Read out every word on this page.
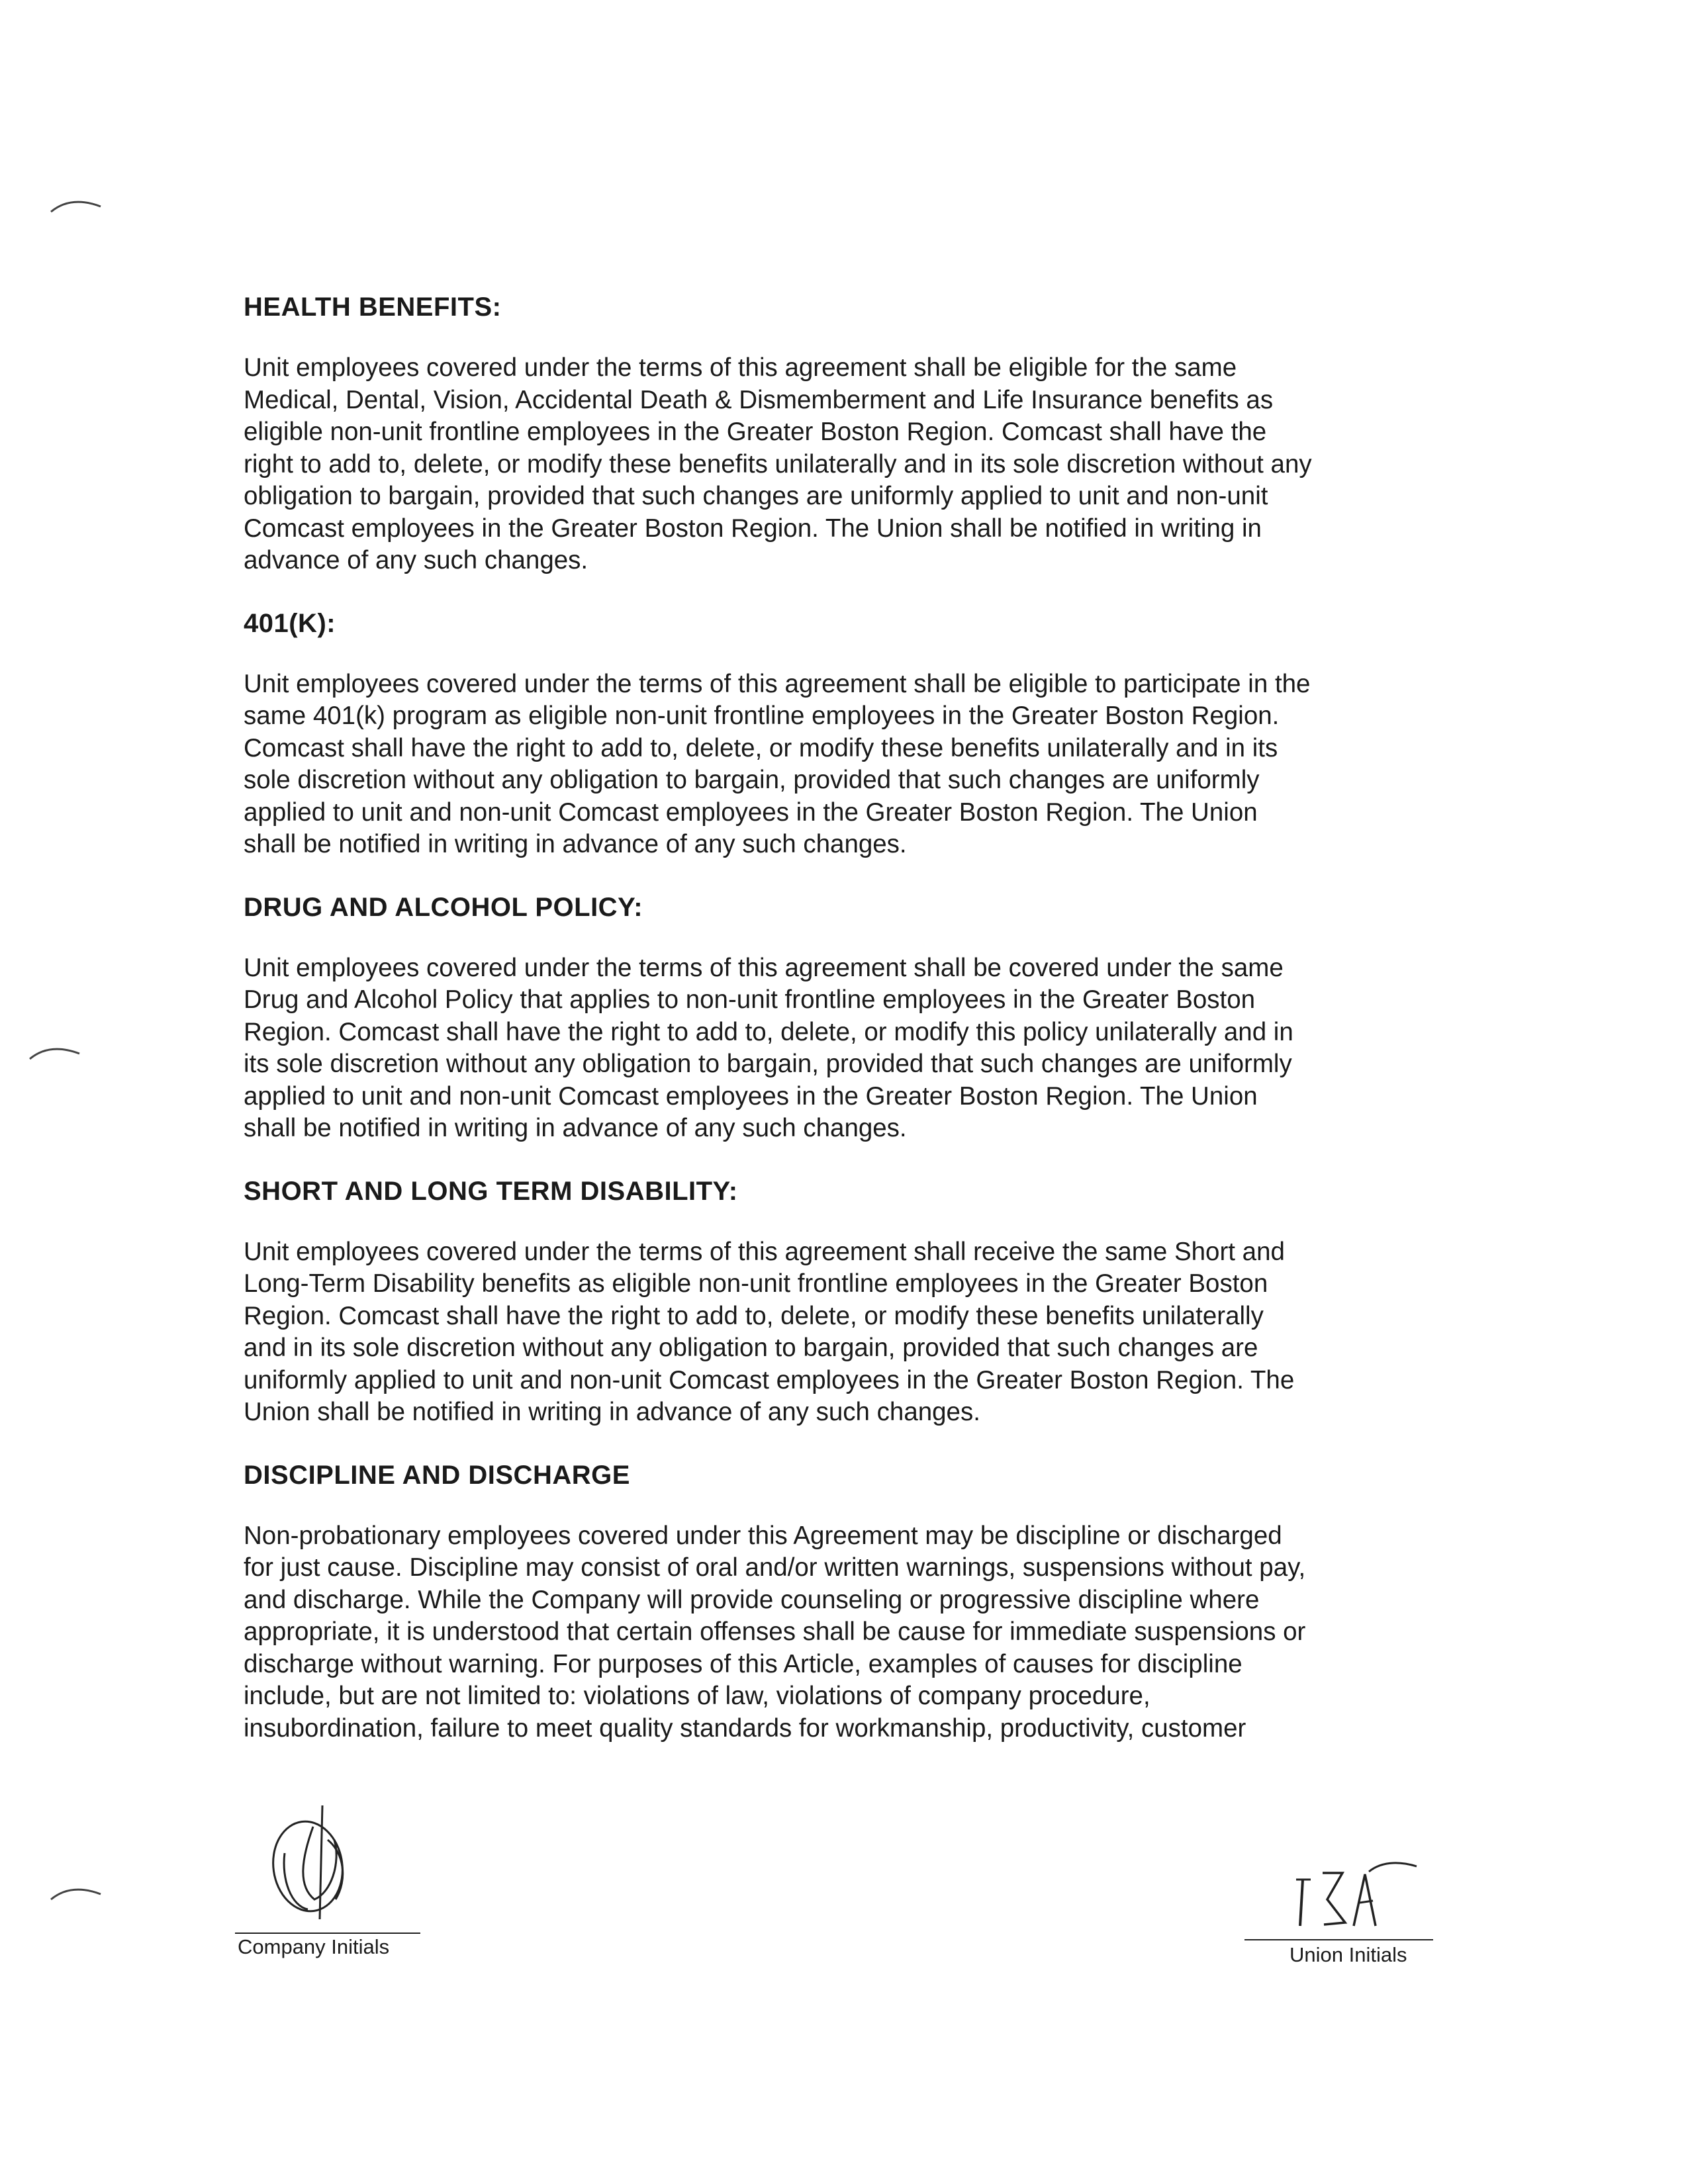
HEALTH BENEFITS:

Unit employees covered under the terms of this agreement shall be eligible for the same
Medical, Dental, Vision, Accidental Death & Dismemberment and Life Insurance benefits as
eligible non-unit frontline employees in the Greater Boston Region. Comcast shall have the
right to add to, delete, or modify these benefits unilaterally and in its sole discretion without any
obligation to bargain, provided that such changes are uniformly applied to unit and non-unit
Comcast employees in the Greater Boston Region. The Union shall be notified in writing in
advance of any such changes.

401(K):

Unit employees covered under the terms of this agreement shall be eligible to participate in the
same 401(k) program as eligible non-unit frontline employees in the Greater Boston Region.
Comcast shall have the right to add to, delete, or modify these benefits unilaterally and in its
sole discretion without any obligation to bargain, provided that such changes are uniformly
applied to unit and non-unit Comcast employees in the Greater Boston Region. The Union
shall be notified in writing in advance of any such changes.

DRUG AND ALCOHOL POLICY:

Unit employees covered under the terms of this agreement shall be covered under the same
Drug and Alcohol Policy that applies to non-unit frontline employees in the Greater Boston
Region. Comcast shall have the right to add to, delete, or modify this policy unilaterally and in
its sole discretion without any obligation to bargain, provided that such changes are uniformly
applied to unit and non-unit Comcast employees in the Greater Boston Region. The Union
shall be notified in writing in advance of any such changes.

SHORT AND LONG TERM DISABILITY:

Unit employees covered under the terms of this agreement shall receive the same Short and
Long-Term Disability benefits as eligible non-unit frontline employees in the Greater Boston
Region. Comcast shall have the right to add to, delete, or modify these benefits unilaterally
and in its sole discretion without any obligation to bargain, provided that such changes are
uniformly applied to unit and non-unit Comcast employees in the Greater Boston Region. The
Union shall be notified in writing in advance of any such changes.

DISCIPLINE AND DISCHARGE

Non-probationary employees covered under this Agreement may be discipline or discharged
for just cause. Discipline may consist of oral and/or written warnings, suspensions without pay,
and discharge. While the Company will provide counseling or progressive discipline where
appropriate, it is understood that certain offenses shall be cause for immediate suspensions or
discharge without warning. For purposes of this Article, examples of causes for discipline
include, but are not limited to: violations of law, violations of company procedure,
insubordination, failure to meet quality standards for workmanship, productivity, customer

Company Initials	Union Initials
